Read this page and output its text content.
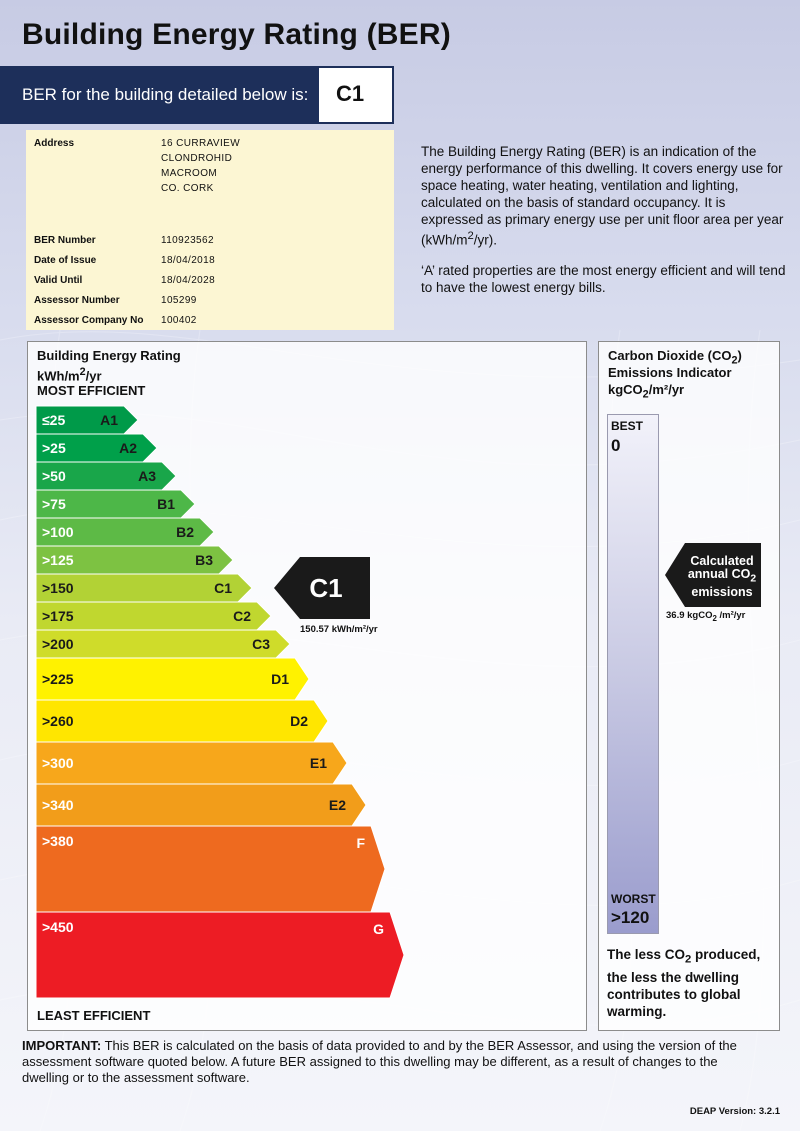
Building Energy Rating (BER)
BER for the building detailed below is: C1
Address	16 CURRAVIEW
CLONDROHID
MACROOM
CO. CORK
BER Number	110923562
Date of Issue	18/04/2018
Valid Until	18/04/2028
Assessor Number	105299
Assessor Company No 100402

The Building Energy Rating (BER) is an indication of the energy performance of this dwelling. It covers energy use for space heating, water heating, ventilation and lighting, calculated on the basis of standard occupancy. It is expressed as primary energy use per unit floor area per year $(kWh/m^2/yr)$.

‘A’ rated properties are the most energy efficient and will tend to have the lowest energy bills.

Building Energy Rating
kWh/$m^2/yr$
MOST EFFICIENT
≤25 A1
>25	A2
>50	A3
>75	B1
>100	B2
>125	B3
>150	C1
>175	C2
>200	C3
>225	D1
>260	D2
>300	E1
>340	E2
>380	F
>450	G
C1
150.57 kWh/m²/yr
LEAST EFFICIENT
Carbon Dioxide $(CO_2)$
Emissions Indicator
kgCO$_2$/m²/yr
BEST
0
WORST
>120
Calculated
annual $CO_2$
emissions
36.9 kgCO$_2$ /m²/yr
The less $CO_2$ produced, the less the dwelling contributes to global warming.

IMPORTANT: This BER is calculated on the basis of data provided to and by the BER Assessor, and using the version of the assessment software quoted below. A future BER assigned to this dwelling may be different, as a result of changes to the dwelling or to the assessment software.

DEAP Version: 3.2.1
